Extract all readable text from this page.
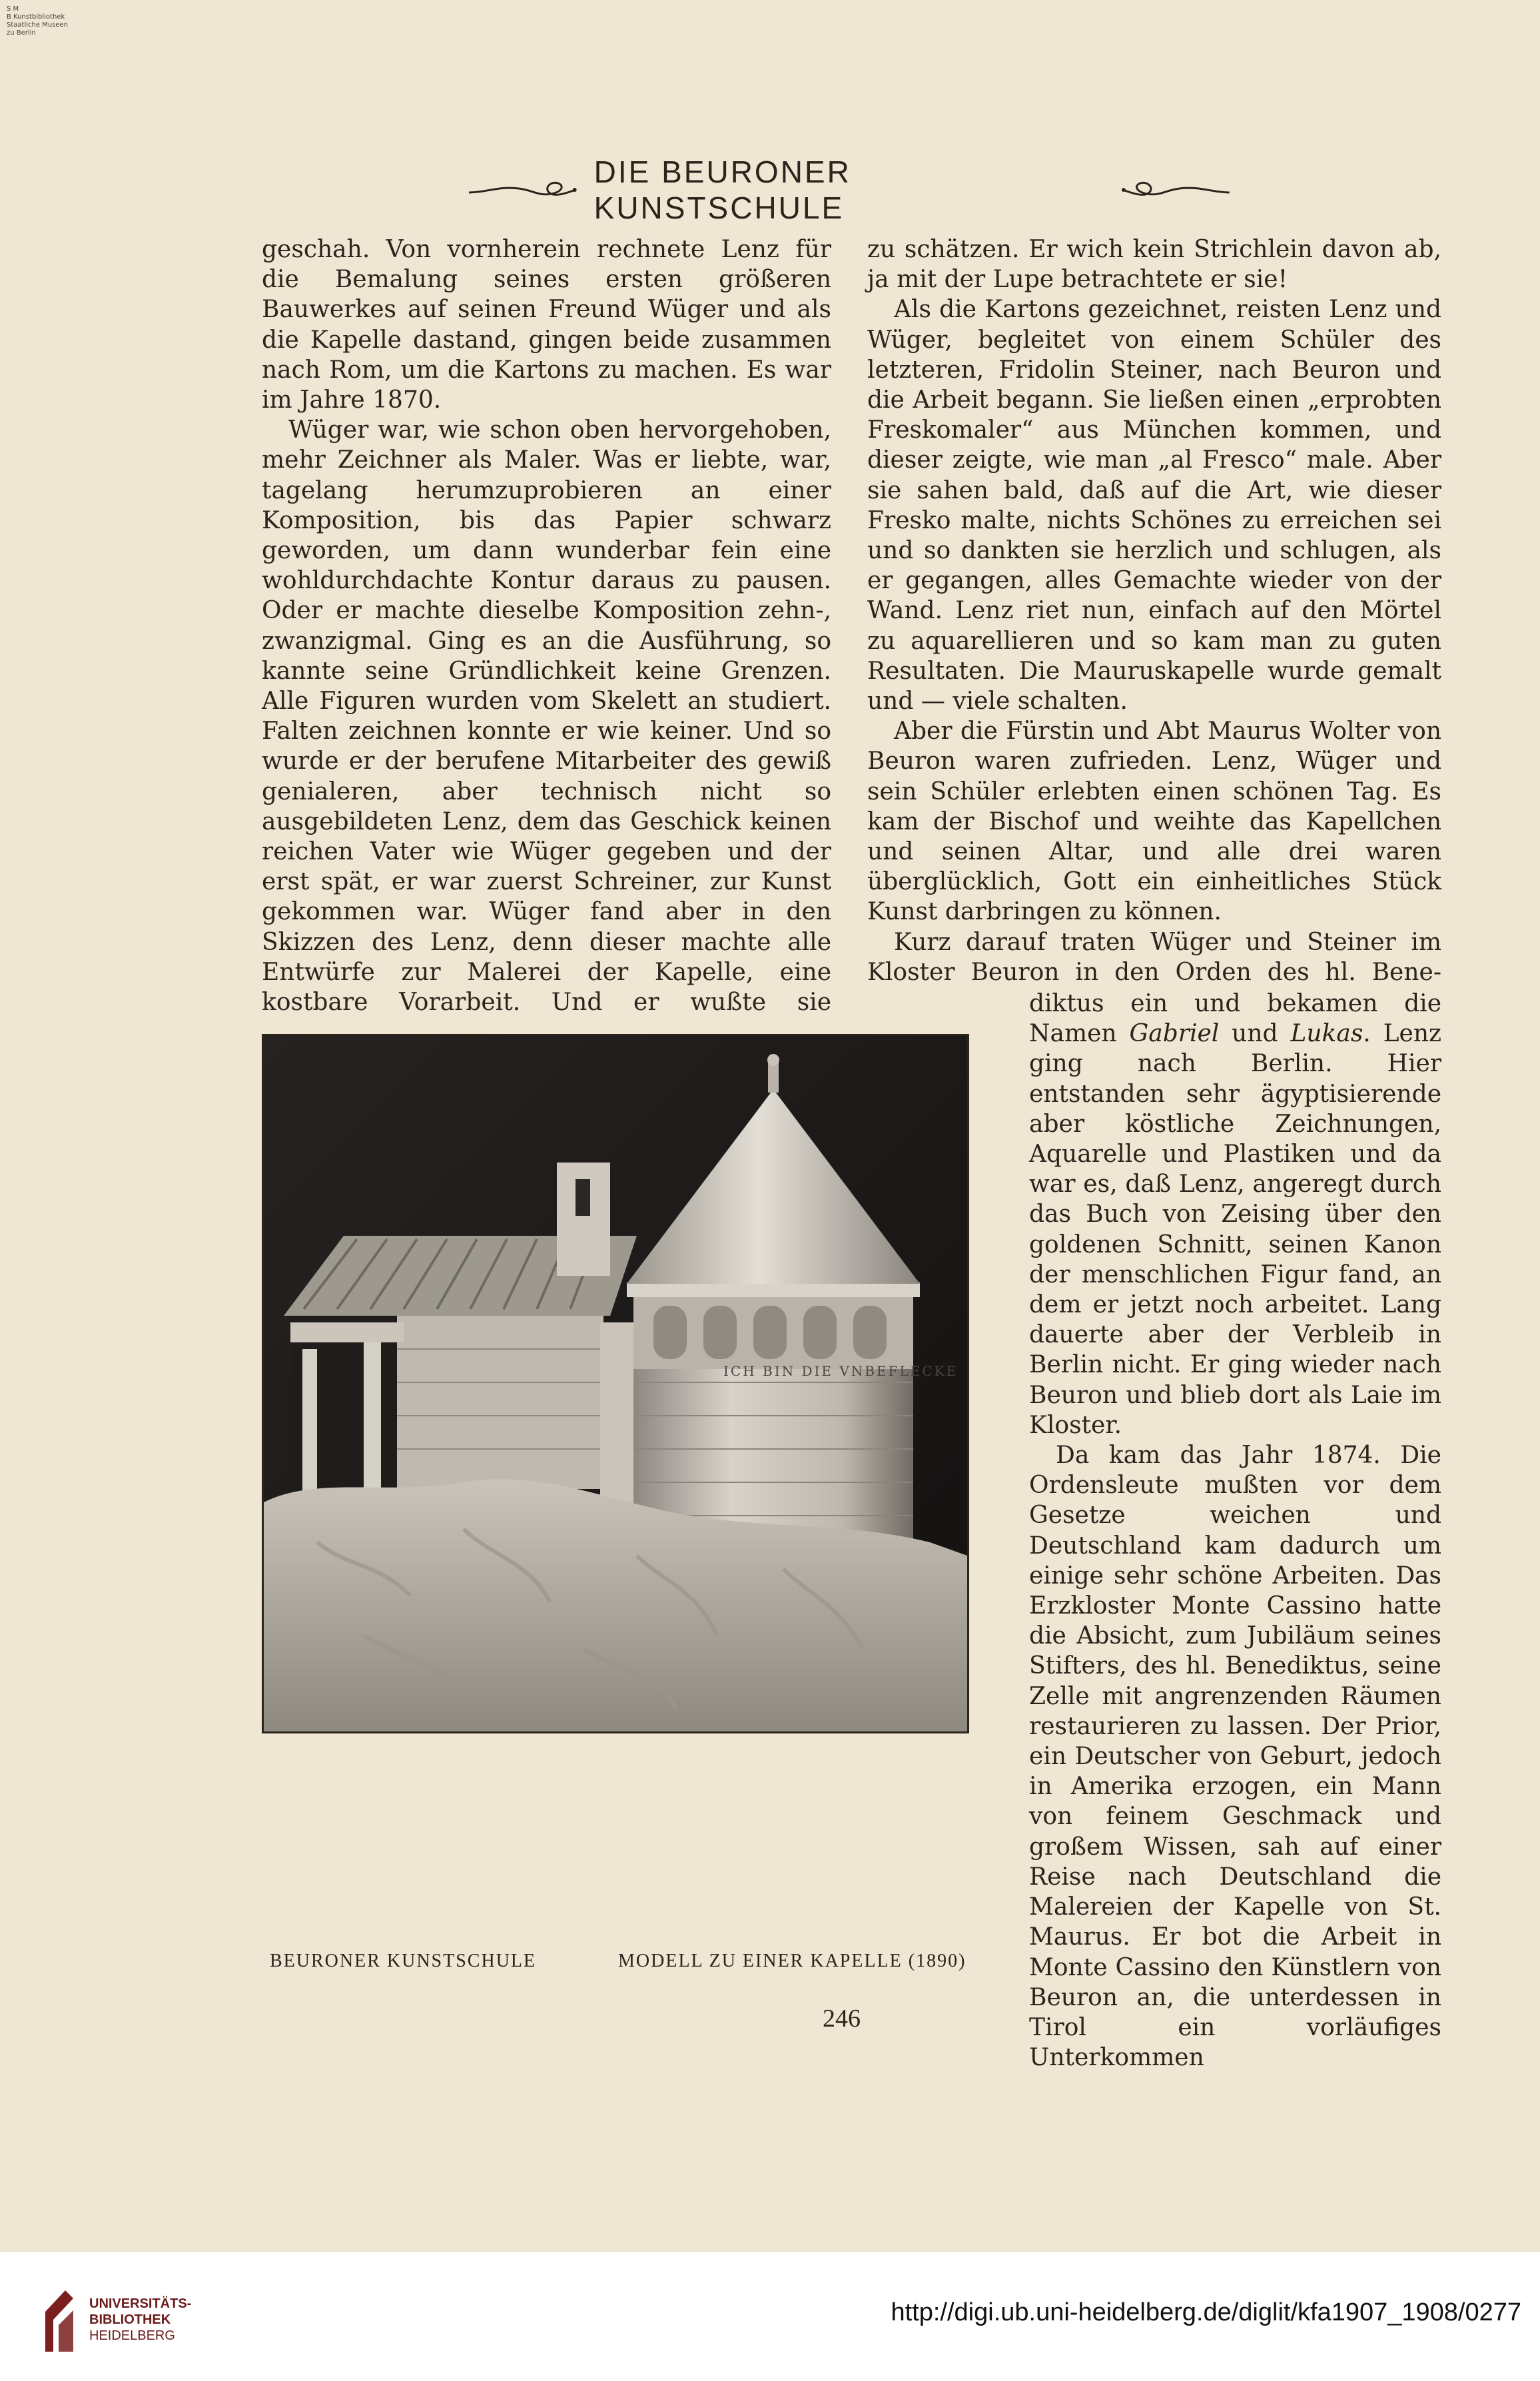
S M
B Kunstbibliothek
Staatliche Museen
zu Berlin
DIE BEURONER KUNSTSCHULE

geschah. Von vornherein rechnete Lenz für die Bemalung seines ersten größeren Bauwerkes auf seinen Freund Wüger und als die Kapelle dastand, gingen beide zusammen nach Rom, um die Kartons zu machen. Es war im Jahre 1870.

Wüger war, wie schon oben hervorgehoben, mehr Zeichner als Maler. Was er liebte, war, tagelang herumzuprobieren an einer Komposition, bis das Papier schwarz geworden, um dann wunderbar fein eine wohldurchdachte Kontur daraus zu pausen. Oder er machte dieselbe Komposition zehn-, zwanzigmal. Ging es an die Ausführung, so kannte seine Gründlichkeit keine Grenzen. Alle Figuren wurden vom Skelett an studiert. Falten zeichnen konnte er wie keiner. Und so wurde er der berufene Mitarbeiter des gewiß genialeren, aber technisch nicht so ausgebildeten Lenz, dem das Geschick keinen reichen Vater wie Wüger gegeben und der erst spät, er war zuerst Schreiner, zur Kunst gekommen war. Wüger fand aber in den Skizzen des Lenz, denn dieser machte alle Entwürfe zur Malerei der Kapelle, eine kostbare Vorarbeit. Und er wußte sie

zu schätzen. Er wich kein Strichlein davon ab, ja mit der Lupe betrachtete er sie!

Als die Kartons gezeichnet, reisten Lenz und Wüger, begleitet von einem Schüler des letzteren, Fridolin Steiner, nach Beuron und die Arbeit begann. Sie ließen einen „erprobten Freskomaler“ aus München kommen, und dieser zeigte, wie man „al Fresco“ male. Aber sie sahen bald, daß auf die Art, wie dieser Fresko malte, nichts Schönes zu erreichen sei und so dankten sie herzlich und schlugen, als er gegangen, alles Gemachte wieder von der Wand. Lenz riet nun, einfach auf den Mörtel zu aquarellieren und so kam man zu guten Resultaten. Die Mauruskapelle wurde gemalt und — viele schalten.

Aber die Fürstin und Abt Maurus Wolter von Beuron waren zufrieden. Lenz, Wüger und sein Schüler erlebten einen schönen Tag. Es kam der Bischof und weihte das Kapellchen und seinen Altar, und alle drei waren überglücklich, Gott ein einheitliches Stück Kunst darbringen zu können.

Kurz darauf traten Wüger und Steiner im Kloster Beuron in den Orden des hl. Bene-

diktus ein und bekamen die Namen Gabriel und Lukas. Lenz ging nach Berlin. Hier entstanden sehr ägyptisierende aber köstliche Zeichnungen, Aquarelle und Plastiken und da war es, daß Lenz, angeregt durch das Buch von Zeising über den goldenen Schnitt, seinen Kanon der menschlichen Figur fand, an dem er jetzt noch arbeitet. Lang dauerte aber der Verbleib in Berlin nicht. Er ging wieder nach Beuron und blieb dort als Laie im Kloster.

Da kam das Jahr 1874. Die Ordensleute mußten vor dem Gesetze weichen und Deutschland kam dadurch um einige sehr schöne Arbeiten. Das Erzkloster Monte Cassino hatte die Absicht, zum Jubiläum seines Stifters, des hl. Benediktus, seine Zelle mit angrenzenden Räumen restaurieren zu lassen. Der Prior, ein Deutscher von Geburt, jedoch in Amerika erzogen, ein Mann von feinem Geschmack und großem Wissen, sah auf einer Reise nach Deutschland die Malereien der Kapelle von St. Maurus. Er bot die Arbeit in Monte Cassino den Künstlern von Beuron an, die unterdessen in Tirol ein vorläufiges Unterkommen

ICH BIN DIE VNBEFLECKE
BEURONER KUNSTSCHULE	MODELL ZU EINER KAPELLE (1890)
246
UNIVERSITÄTS-
BIBLIOTHEK
HEIDELBERG
http://digi.ub.uni-heidelberg.de/diglit/kfa1907_1908/0277
